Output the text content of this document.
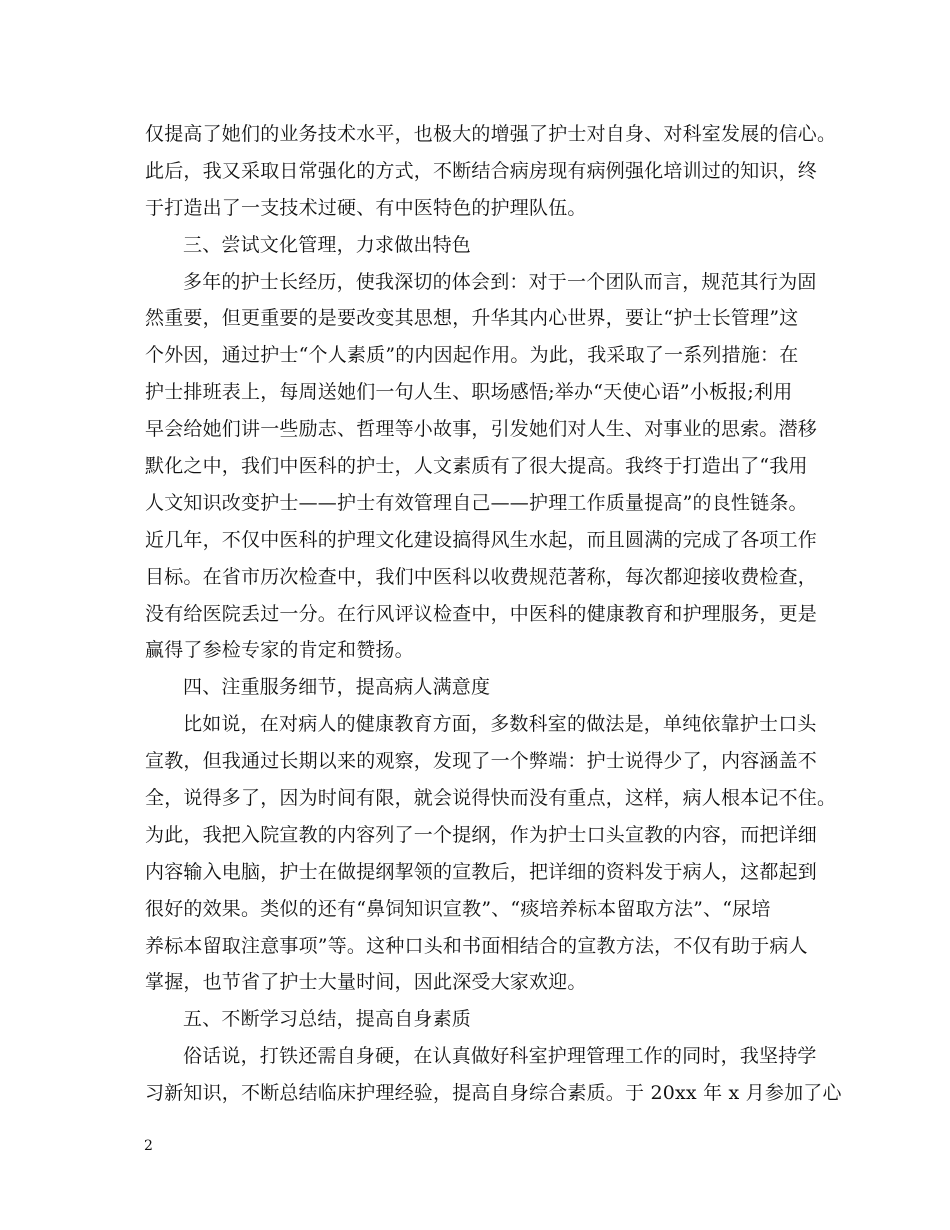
仅提高了她们的业务技术水平，也极大的增强了护士对自身、对科室发展的信心。
此后，我又采取日常强化的方式，不断结合病房现有病例强化培训过的知识，终
于打造出了一支技术过硬、有中医特色的护理队伍。
三、尝试文化管理，力求做出特色
多年的护士长经历，使我深切的体会到：对于一个团队而言，规范其行为固
然重要，但更重要的是要改变其思想，升华其内心世界，要让“护士长管理”这
个外因，通过护士“个人素质”的内因起作用。为此，我采取了一系列措施：在
护士排班表上，每周送她们一句人生、职场感悟;举办“天使心语”小板报;利用
早会给她们讲一些励志、哲理等小故事，引发她们对人生、对事业的思索。潜移
默化之中，我们中医科的护士，人文素质有了很大提高。我终于打造出了“我用
人文知识改变护士——护士有效管理自己——护理工作质量提高”的良性链条。
近几年，不仅中医科的护理文化建设搞得风生水起，而且圆满的完成了各项工作
目标。在省市历次检查中，我们中医科以收费规范著称，每次都迎接收费检查，
没有给医院丢过一分。在行风评议检查中，中医科的健康教育和护理服务，更是
赢得了参检专家的肯定和赞扬。
四、注重服务细节，提高病人满意度
比如说，在对病人的健康教育方面，多数科室的做法是，单纯依靠护士口头
宣教，但我通过长期以来的观察，发现了一个弊端：护士说得少了，内容涵盖不
全，说得多了，因为时间有限，就会说得快而没有重点，这样，病人根本记不住。
为此，我把入院宣教的内容列了一个提纲，作为护士口头宣教的内容，而把详细
内容输入电脑，护士在做提纲挈领的宣教后，把详细的资料发于病人，这都起到
很好的效果。类似的还有“鼻饲知识宣教”、“痰培养标本留取方法”、“尿培
养标本留取注意事项”等。这种口头和书面相结合的宣教方法，不仅有助于病人
掌握，也节省了护士大量时间，因此深受大家欢迎。
五、不断学习总结，提高自身素质
俗话说，打铁还需自身硬，在认真做好科室护理管理工作的同时，我坚持学
习新知识，不断总结临床护理经验，提高自身综合素质。于 20xx 年 x 月参加了心
2
